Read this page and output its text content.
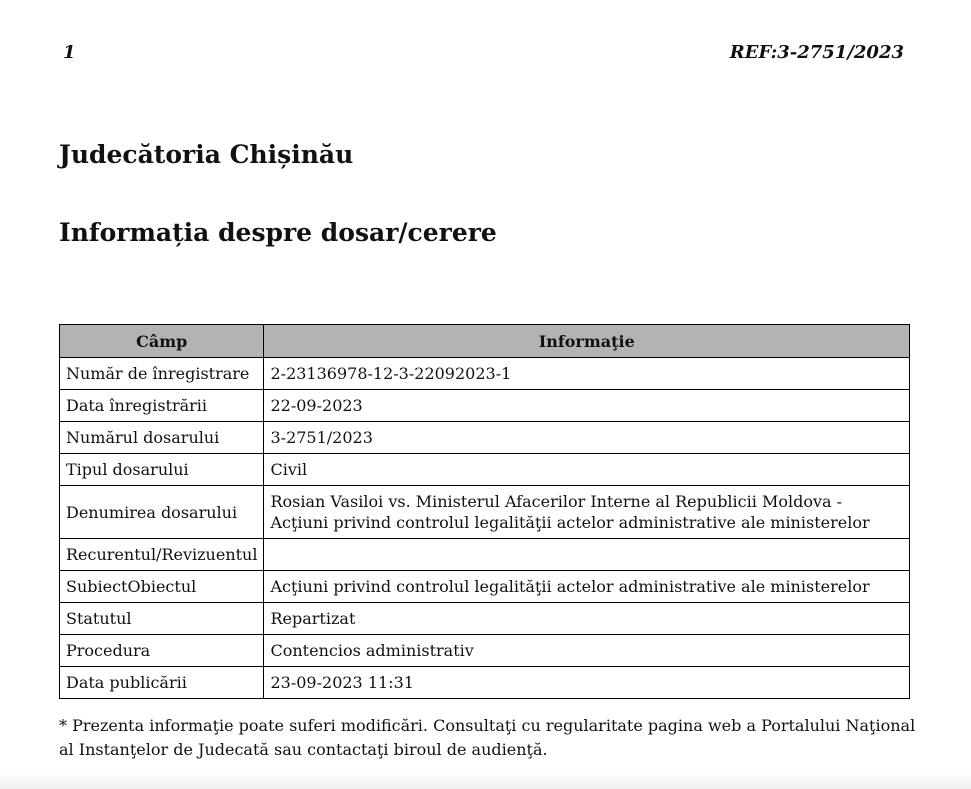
1	REF:3-2751/2023
Judecătoria Chișinău
Informația despre dosar/cerere
Câmp	Informaţie
Număr de înregistrare	2-23136978-12-3-22092023-1
Data înregistrării	22-09-2023
Numărul dosarului	3-2751/2023
Tipul dosarului	Civil
Denumirea dosarului	Rosian Vasiloi vs. Ministerul Afacerilor Interne al Republicii Moldova - Acţiuni privind controlul legalităţii actelor administrative ale ministerelor
Recurentul/Revizuentul	
SubiectObiectul	Acţiuni privind controlul legalităţii actelor administrative ale ministerelor
Statutul	Repartizat
Procedura	Contencios administrativ
Data publicării	23-09-2023 11:31

* Prezenta informaţie poate suferi modificări. Consultaţi cu regularitate pagina web a Portalului Naţional al Instanţelor de Judecată sau contactaţi biroul de audienţă.
